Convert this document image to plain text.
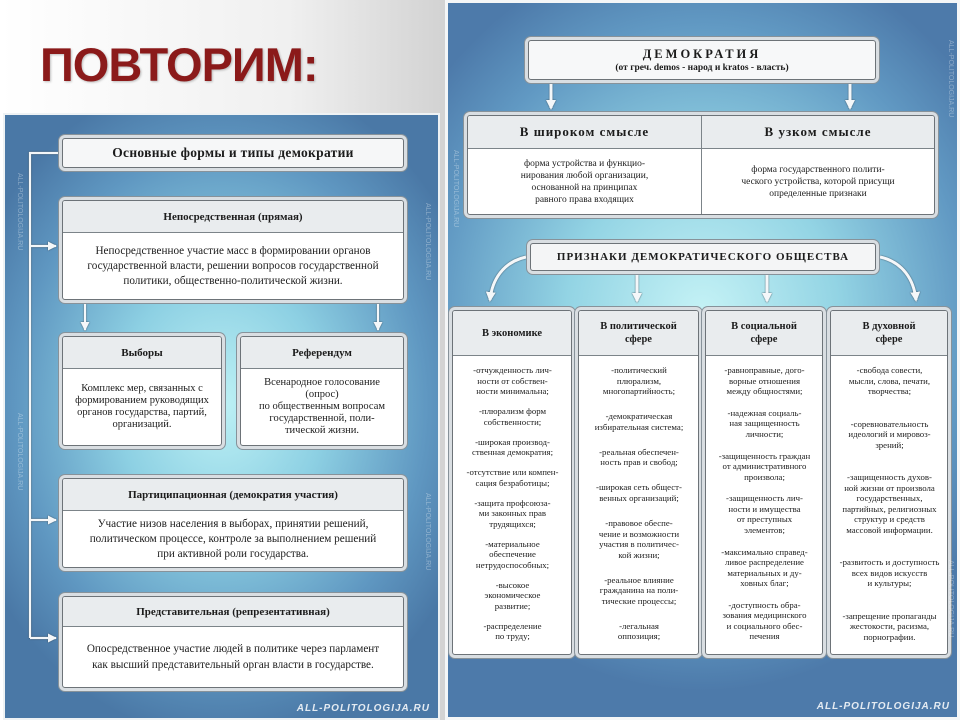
ПОВТОРИМ:
Основные формы и типы демократии
Непосредственная (прямая)
Непосредственное участие масс в формировании органов
государственной власти, решении вопросов государственной
политики, общественно-политической жизни.
Выборы
Комплекс мер, связанных с
формированием руководящих
органов государства, партий,
организаций.
Референдум
Всенародное голосование
(опрос)
по общественным вопросам
государственной, поли-
тической жизни.
Партиципационная (демократия участия)
Участие низов населения в выборах, принятии решений,
политическом процессе, контроле за выполнением решений
при активной роли государства.
Представительная (репрезентативная)
Опосредственное участие людей в политике через парламент
как высший представительный орган власти в государстве.
ALL-POLITOLOGIJA.RU
ALL-POLITOLOGIJA.RU
ALL-POLITOLOGIJA.RU
ALL-POLITOLOGIJA.RU
ALL-POLITOLOGIJA.RU
ДЕМОКРАТИЯ
(от греч. demos - народ и kratos - власть)
В широком смысле
форма устройства и функцио-
нирования любой организации,
основанной на принципах
равного права входящих
В узком смысле
форма государственного полити-
ческого устройства, которой присущи
определенные признаки
ПРИЗНАКИ ДЕМОКРАТИЧЕСКОГО ОБЩЕСТВА
В экономике
-отчужденность лич-
ности от собствен-
ности минимальна;
-плюрализм форм
собственности;
-широкая производ-
ственная демократия;
-отсутствие или компен-
сация безработицы;
-защита профсоюза-
ми законных прав
трудящихся;
-материальное
обеспечение
нетрудоспособных;
-высокое
экономическое
развитие;
-распределение
по труду;
В политической
сфере
-политический
плюрализм,
многопартийность;
-демократическая
избирательная система;
-реальная обеспечен-
ность прав и свобод;
-широкая сеть общест-
венных организаций;
-правовое обеспе-
чение и возможности
участия в политичес-
кой жизни;
-реальное влияние
гражданина на поли-
тические процессы;
-легальная
оппозиция;
В социальной
сфере
-равноправные, дого-
ворные отношения
между общностями;
-надежная социаль-
ная защищенность
личности;
-защищенность граждан
от административного
произвола;
-защищенность лич-
ности и имущества
от преступных
элементов;
-максимально справед-
ливое распределение
материальных и ду-
ховных благ;
-доступность обра-
зования медицинского
и социального обес-
печения
В духовной
сфере
-свобода совести,
мысли, слова, печати,
творчества;
-соревновательность
идеологий и мировоз-
зрений;
-защищенность духов-
ной жизни от произвола
государственных,
партийных, религиозных
структур и средств
массовой информации.
-развитость и доступность
всех видов искусств
и культуры;
-запрещение пропаганды
жестокости, расизма,
порнографии.
ALL-POLITOLOGIJA.RU
ALL-POLITOLOGIJA.RU
ALL-POLITOLOGIJA.RU
ALL-POLITOLOGIJA.RU
ALL-POLITOLOGIJA.RU
